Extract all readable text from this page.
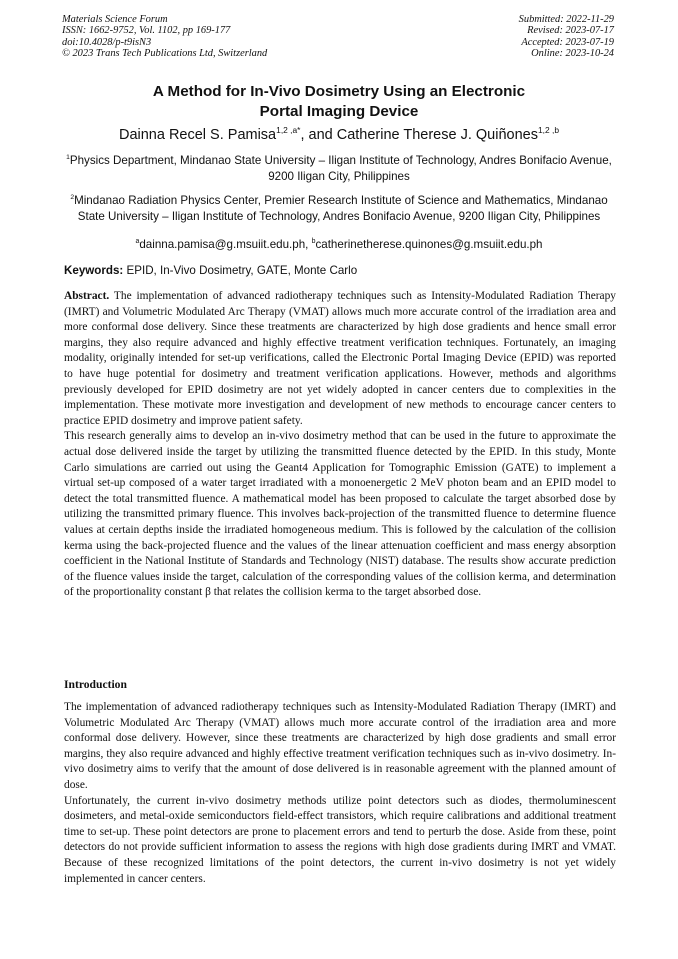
Materials Science Forum
ISSN: 1662-9752, Vol. 1102, pp 169-177
doi:10.4028/p-t9isN3
© 2023 Trans Tech Publications Ltd, Switzerland
Submitted: 2022-11-29
Revised: 2023-07-17
Accepted: 2023-07-19
Online: 2023-10-24
A Method for In-Vivo Dosimetry Using an Electronic
Portal Imaging Device
Dainna Recel S. Pamisa$^{1,2 ,a*}$, and Catherine Therese J. Quiñones$^{1,2 ,b}$
$^1$Physics Department, Mindanao State University – Iligan Institute of Technology, Andres Bonifacio Avenue, 9200 Iligan City, Philippines
$^2$Mindanao Radiation Physics Center, Premier Research Institute of Science and Mathematics, Mindanao State University – Iligan Institute of Technology, Andres Bonifacio Avenue, 9200 Iligan City, Philippines
$^a$dainna.pamisa@g.msuiit.edu.ph, $^b$catherinetherese.quinones@g.msuiit.edu.ph
Keywords: EPID, In-Vivo Dosimetry, GATE, Monte Carlo

Abstract. The implementation of advanced radiotherapy techniques such as Intensity-Modulated Radiation Therapy (IMRT) and Volumetric Modulated Arc Therapy (VMAT) allows much more accurate control of the irradiation area and more conformal dose delivery. Since these treatments are characterized by high dose gradients and hence small error margins, they also require advanced and highly effective treatment verification techniques. Fortunately, an imaging modality, originally intended for set-up verifications, called the Electronic Portal Imaging Device (EPID) was reported to have huge potential for dosimetry and treatment verification applications. However, methods and algorithms previously developed for EPID dosimetry are not yet widely adopted in cancer centers due to complexities in the implementation. These motivate more investigation and development of new methods to encourage cancer centers to practice EPID dosimetry and improve patient safety.

This research generally aims to develop an in-vivo dosimetry method that can be used in the future to approximate the actual dose delivered inside the target by utilizing the transmitted fluence detected by the EPID. In this study, Monte Carlo simulations are carried out using the Geant4 Application for Tomographic Emission (GATE) to implement a virtual set-up composed of a water target irradiated with a monoenergetic 2 MeV photon beam and an EPID model to detect the total transmitted fluence. A mathematical model has been proposed to calculate the target absorbed dose by utilizing the transmitted primary fluence. This involves back-projection of the transmitted fluence to determine fluence values at certain depths inside the irradiated homogeneous medium. This is followed by the calculation of the collision kerma using the back-projected fluence and the values of the linear attenuation coefficient and mass energy absorption coefficient in the National Institute of Standards and Technology (NIST) database. The results show accurate prediction of the fluence values inside the target, calculation of the corresponding values of the collision kerma, and determination of the proportionality constant β that relates the collision kerma to the target absorbed dose.

Introduction

The implementation of advanced radiotherapy techniques such as Intensity-Modulated Radiation Therapy (IMRT) and Volumetric Modulated Arc Therapy (VMAT) allows much more accurate control of the irradiation area and more conformal dose delivery. However, since these treatments are characterized by high dose gradients and small error margins, they also require advanced and highly effective treatment verification techniques such as in-vivo dosimetry. In-vivo dosimetry aims to verify that the amount of dose delivered is in reasonable agreement with the planned amount of dose.

Unfortunately, the current in-vivo dosimetry methods utilize point detectors such as diodes, thermoluminescent dosimeters, and metal-oxide semiconductors field-effect transistors, which require calibrations and additional treatment time to set-up. These point detectors are prone to placement errors and tend to perturb the dose. Aside from these, point detectors do not provide sufficient information to assess the regions with high dose gradients during IMRT and VMAT. Because of these recognized limitations of the point detectors, the current in-vivo dosimetry is not yet widely implemented in cancer centers.
